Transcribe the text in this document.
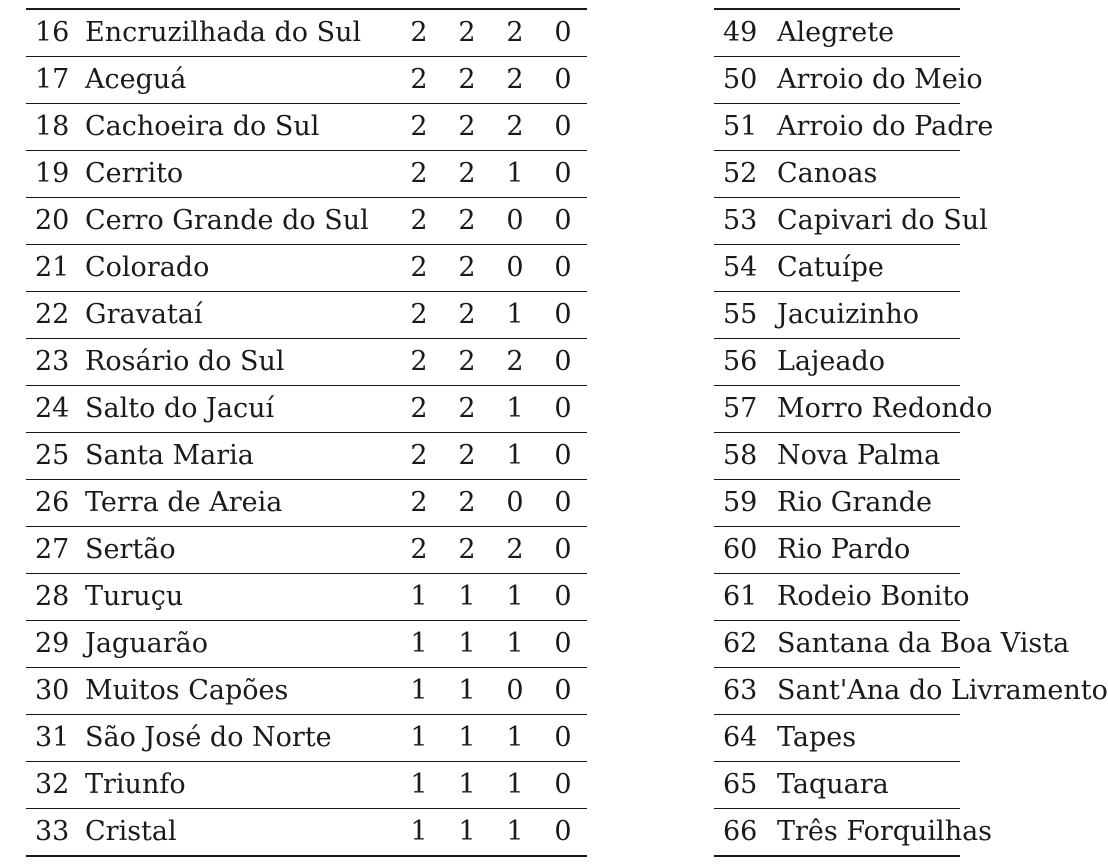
16	Encruzilhada do Sul	2	2	2	0
17	Aceguá	2	2	2	0
18	Cachoeira do Sul	2	2	2	0
19	Cerrito	2	2	1	0
20	Cerro Grande do Sul	2	2	0	0
21	Colorado	2	2	0	0
22	Gravataí	2	2	1	0
23	Rosário do Sul	2	2	2	0
24	Salto do Jacuí	2	2	1	0
25	Santa Maria	2	2	1	0
26	Terra de Areia	2	2	0	0
27	Sertão	2	2	2	0
28	Turuçu	1	1	1	0
29	Jaguarão	1	1	1	0
30	Muitos Capões	1	1	0	0
31	São José do Norte	1	1	1	0
32	Triunfo	1	1	1	0
33	Cristal	1	1	1	0
49	Alegrete
50	Arroio do Meio
51	Arroio do Padre
52	Canoas
53	Capivari do Sul
54	Catuípe
55	Jacuizinho
56	Lajeado
57	Morro Redondo
58	Nova Palma
59	Rio Grande
60	Rio Pardo
61	Rodeio Bonito
62	Santana da Boa Vista
63	Sant'Ana do Livramento
64	Tapes
65	Taquara
66	Três Forquilhas
